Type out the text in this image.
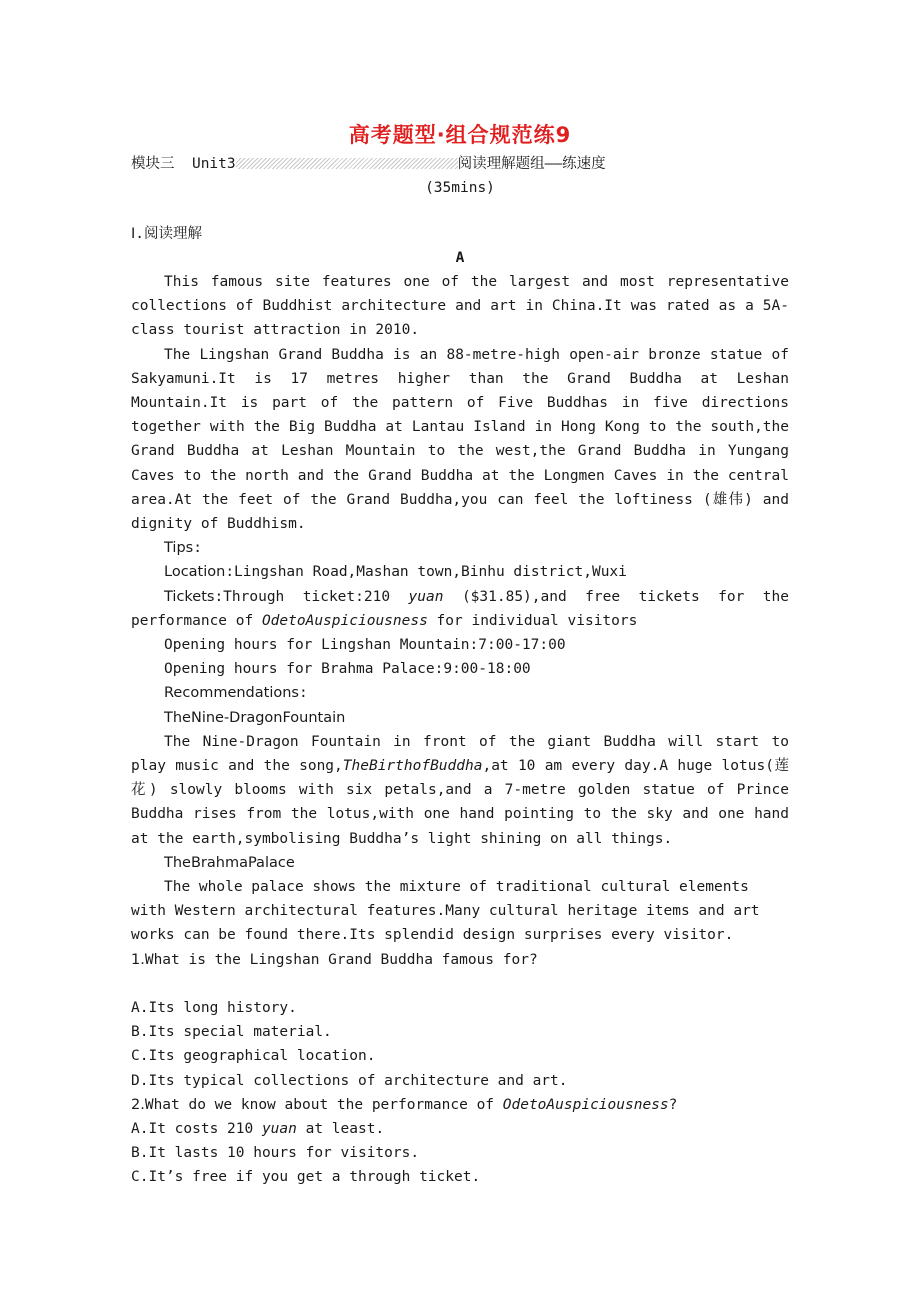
高考题型·组合规范练9
模块三 Unit3	阅读理解题组——练速度
(35mins)
Ⅰ.阅读理解
A

This famous site features one of the largest and most representative collections of Buddhist architecture and art in China.It was rated as a 5A-class tourist attraction in 2010.

The Lingshan Grand Buddha is an 88-metre-high open-air bronze statue of Sakyamuni.It is 17 metres higher than the Grand Buddha at Leshan Mountain.It is part of the pattern of Five Buddhas in five directions together with the Big Buddha at Lantau Island in Hong Kong to the south,the Grand Buddha at Leshan Mountain to the west,the Grand Buddha in Yungang Caves to the north and the Grand Buddha at the Longmen Caves in the central area.At the feet of the Grand Buddha,you can feel the loftiness (雄伟) and dignity of Buddhism.

Tips:

Location:Lingshan Road,Mashan town,Binhu district,Wuxi

Tickets:Through ticket:210 yuan ($31.85),and free tickets for the performance of OdetoAuspiciousness for individual visitors

Opening hours for Lingshan Mountain:7:00-17:00

Opening hours for Brahma Palace:9:00-18:00

Recommendations:

TheNine-DragonFountain

The Nine-Dragon Fountain in front of the giant Buddha will start to play music and the song,TheBirthofBuddha,at 10 am every day.A huge lotus(莲花) slowly blooms with six petals,and a 7-metre golden statue of Prince Buddha rises from the lotus,with one hand pointing to the sky and one hand at the earth,symbolising Buddha’s light shining on all things.

TheBrahmaPalace

The whole palace shows the mixture of traditional cultural elements with Western architectural features.Many cultural heritage items and art works can be found there.Its splendid design surprises every visitor.

1.What is the Lingshan Grand Buddha famous for?
A.Its long history.
B.Its special material.
C.Its geographical location.
D.Its typical collections of architecture and art.
2.What do we know about the performance of OdetoAuspiciousness?
A.It costs 210 yuan at least.
B.It lasts 10 hours for visitors.
C.It’s free if you get a through ticket.
